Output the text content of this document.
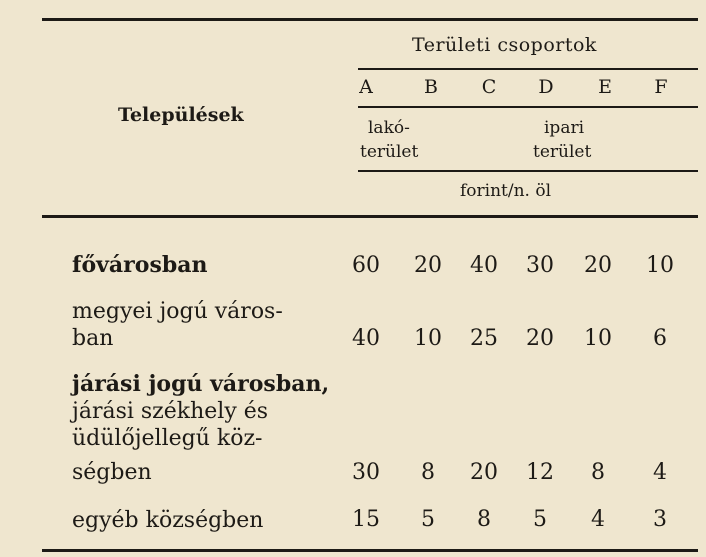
Települések
Területi csoportok
A	B	C	D	E	F
lakó-
terület
ipari
terület
forint/n. öl
fővárosban	60	20	40	30	20	10
megyei jogú város-
ban	40	10	25	20	10	6
járási jogú városban,
járási székhely és
üdülőjellegű köz-
ségben	30	8	20	12	8	4
egyéb községben	15	5	8	5	4	3
